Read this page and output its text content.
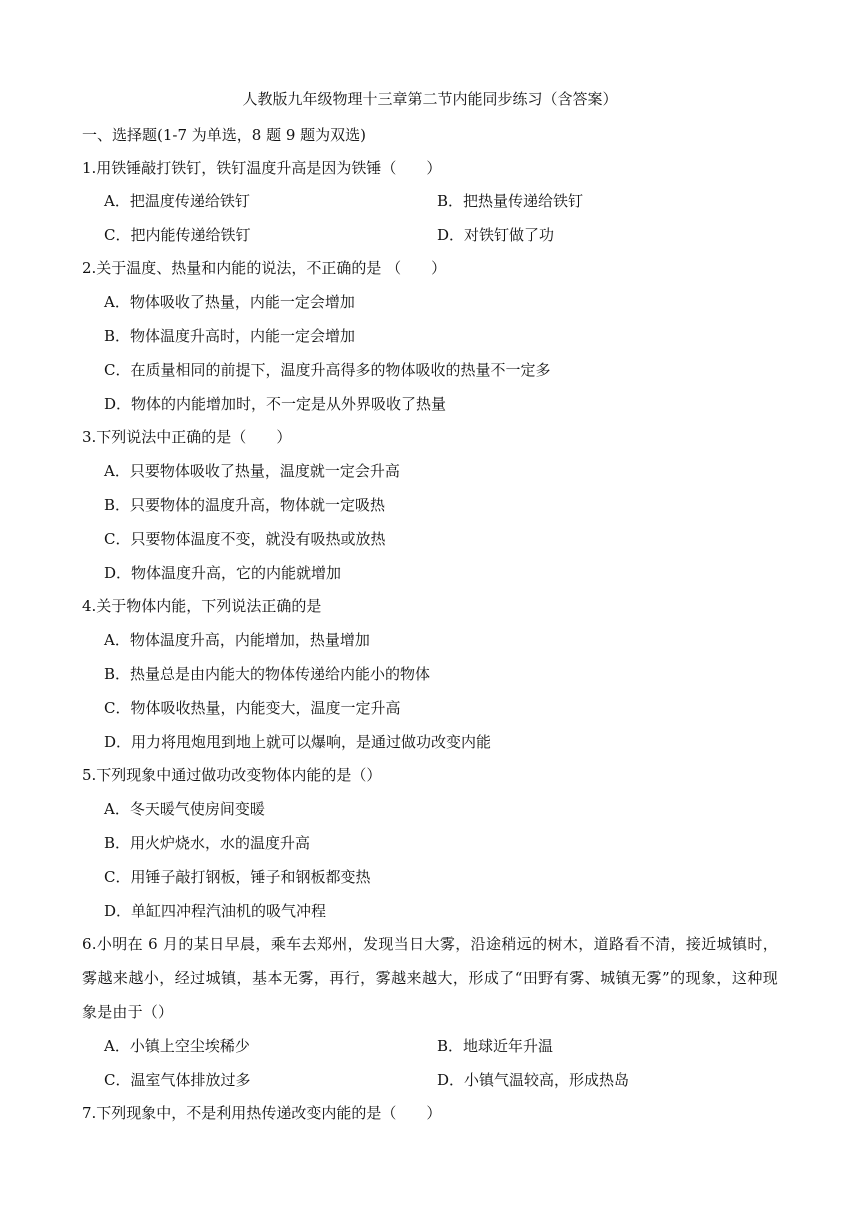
人教版九年级物理十三章第二节内能同步练习（含答案）
一、选择题(1-7 为单选，8 题 9 题为双选)
1.用铁锤敲打铁钉，铁钉温度升高是因为铁锤（　　）
A．把温度传递给铁钉	B．把热量传递给铁钉
C．把内能传递给铁钉	D．对铁钉做了功
2.关于温度、热量和内能的说法，不正确的是 （　　）
A．物体吸收了热量，内能一定会增加
B．物体温度升高时，内能一定会增加
C．在质量相同的前提下，温度升高得多的物体吸收的热量不一定多
D．物体的内能增加时，不一定是从外界吸收了热量
3.下列说法中正确的是（　　）
A．只要物体吸收了热量，温度就一定会升高
B．只要物体的温度升高，物体就一定吸热
C．只要物体温度不变，就没有吸热或放热
D．物体温度升高，它的内能就增加
4.关于物体内能，下列说法正确的是
A．物体温度升高，内能增加，热量增加
B．热量总是由内能大的物体传递给内能小的物体
C．物体吸收热量，内能变大，温度一定升高
D．用力将甩炮甩到地上就可以爆响，是通过做功改变内能
5.下列现象中通过做功改变物体内能的是（）
A．冬天暖气使房间变暖
B．用火炉烧水，水的温度升高
C．用锤子敲打钢板，锤子和钢板都变热
D．单缸四冲程汽油机的吸气冲程
6.小明在 6 月的某日早晨，乘车去郑州，发现当日大雾，沿途稍远的树木，道路看不清，接近城镇时，雾越来越小，经过城镇，基本无雾，再行，雾越来越大，形成了“田野有雾、城镇无雾”的现象，这种现象是由于（）
A．小镇上空尘埃稀少	B．地球近年升温
C．温室气体排放过多	D．小镇气温较高，形成热岛
7.下列现象中，不是利用热传递改变内能的是（　　）
